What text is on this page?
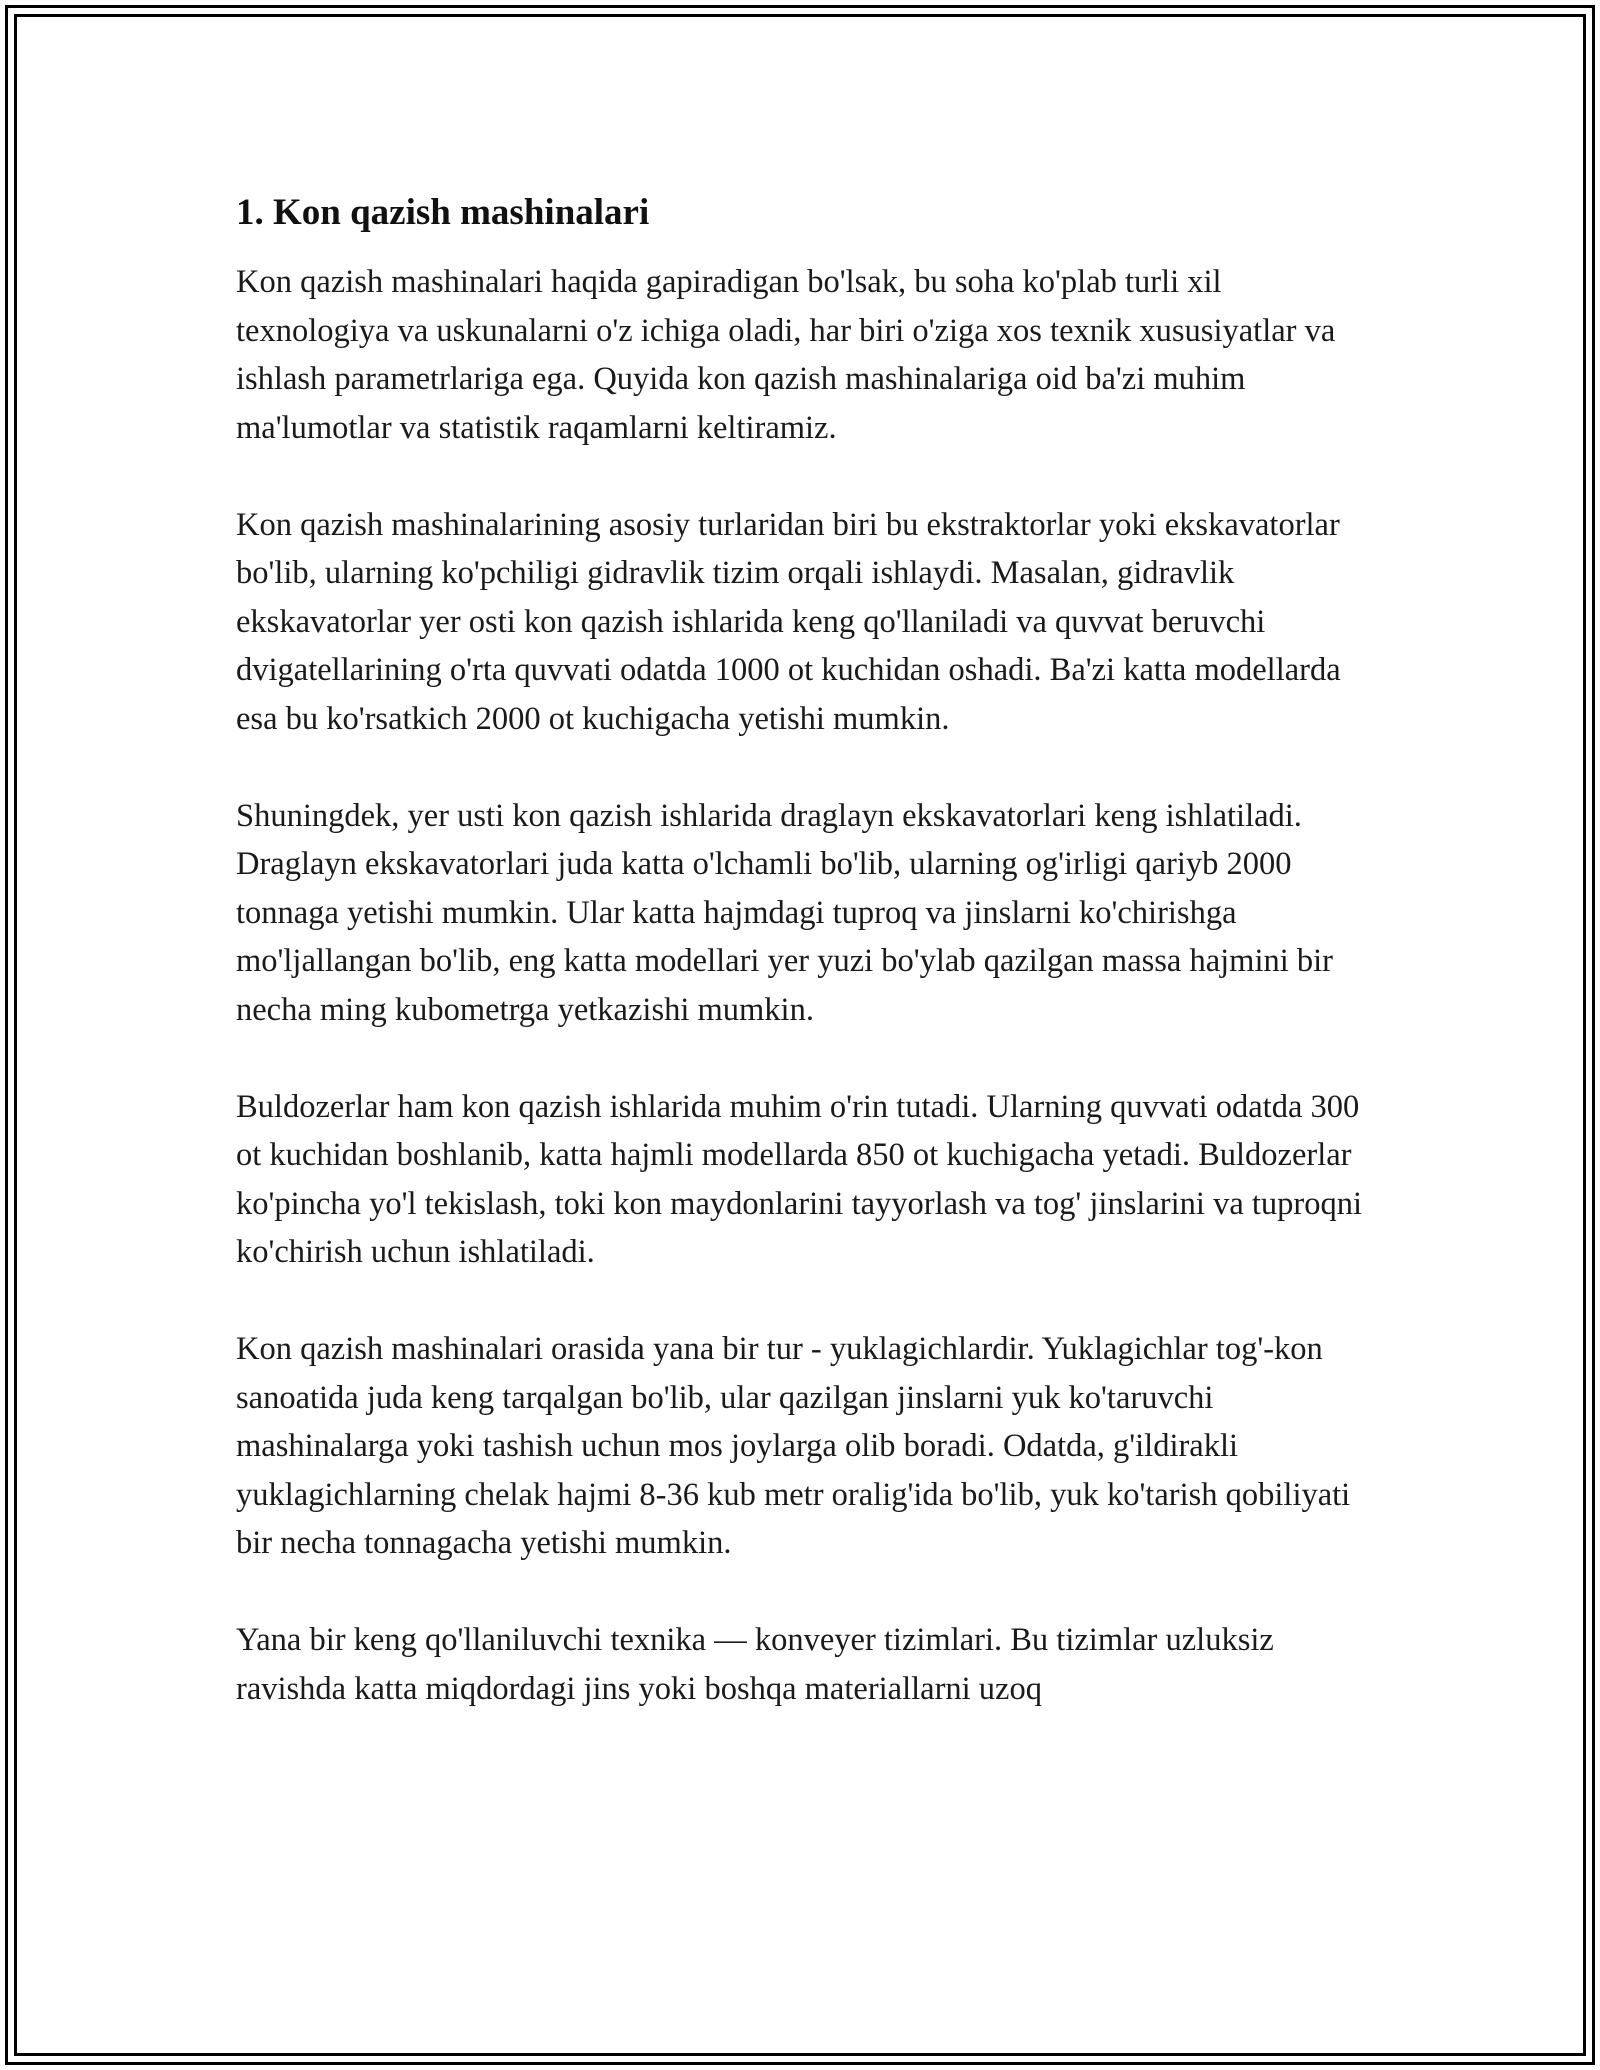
1. Kon qazish mashinalari

Kon qazish mashinalari haqida gapiradigan bo'lsak, bu soha ko'plab turli xil texnologiya va uskunalarni o'z ichiga oladi, har biri o'ziga xos texnik xususiyatlar va ishlash parametrlariga ega. Quyida kon qazish mashinalariga oid ba'zi muhim ma'lumotlar va statistik raqamlarni keltiramiz.

Kon qazish mashinalarining asosiy turlaridan biri bu ekstraktorlar yoki ekskavatorlar bo'lib, ularning ko'pchiligi gidravlik tizim orqali ishlaydi. Masalan, gidravlik ekskavatorlar yer osti kon qazish ishlarida keng qo'llaniladi va quvvat beruvchi dvigatellarining o'rta quvvati odatda 1000 ot kuchidan oshadi. Ba'zi katta modellarda esa bu ko'rsatkich 2000 ot kuchigacha yetishi mumkin.

Shuningdek, yer usti kon qazish ishlarida draglayn ekskavatorlari keng ishlatiladi. Draglayn ekskavatorlari juda katta o'lchamli bo'lib, ularning og'irligi qariyb 2000 tonnaga yetishi mumkin. Ular katta hajmdagi tuproq va jinslarni ko'chirishga mo'ljallangan bo'lib, eng katta modellari yer yuzi bo'ylab qazilgan massa hajmini bir necha ming kubometrga yetkazishi mumkin.

Buldozerlar ham kon qazish ishlarida muhim o'rin tutadi. Ularning quvvati odatda 300 ot kuchidan boshlanib, katta hajmli modellarda 850 ot kuchigacha yetadi. Buldozerlar ko'pincha yo'l tekislash, toki kon maydonlarini tayyorlash va tog' jinslarini va tuproqni ko'chirish uchun ishlatiladi.

Kon qazish mashinalari orasida yana bir tur - yuklagichlardir. Yuklagichlar tog'-kon sanoatida juda keng tarqalgan bo'lib, ular qazilgan jinslarni yuk ko'taruvchi mashinalarga yoki tashish uchun mos joylarga olib boradi. Odatda, g'ildirakli yuklagichlarning chelak hajmi 8-36 kub metr oralig'ida bo'lib, yuk ko'tarish qobiliyati bir necha tonnagacha yetishi mumkin.

Yana bir keng qo'llaniluvchi texnika — konveyer tizimlari. Bu tizimlar uzluksiz ravishda katta miqdordagi jins yoki boshqa materiallarni uzoq
